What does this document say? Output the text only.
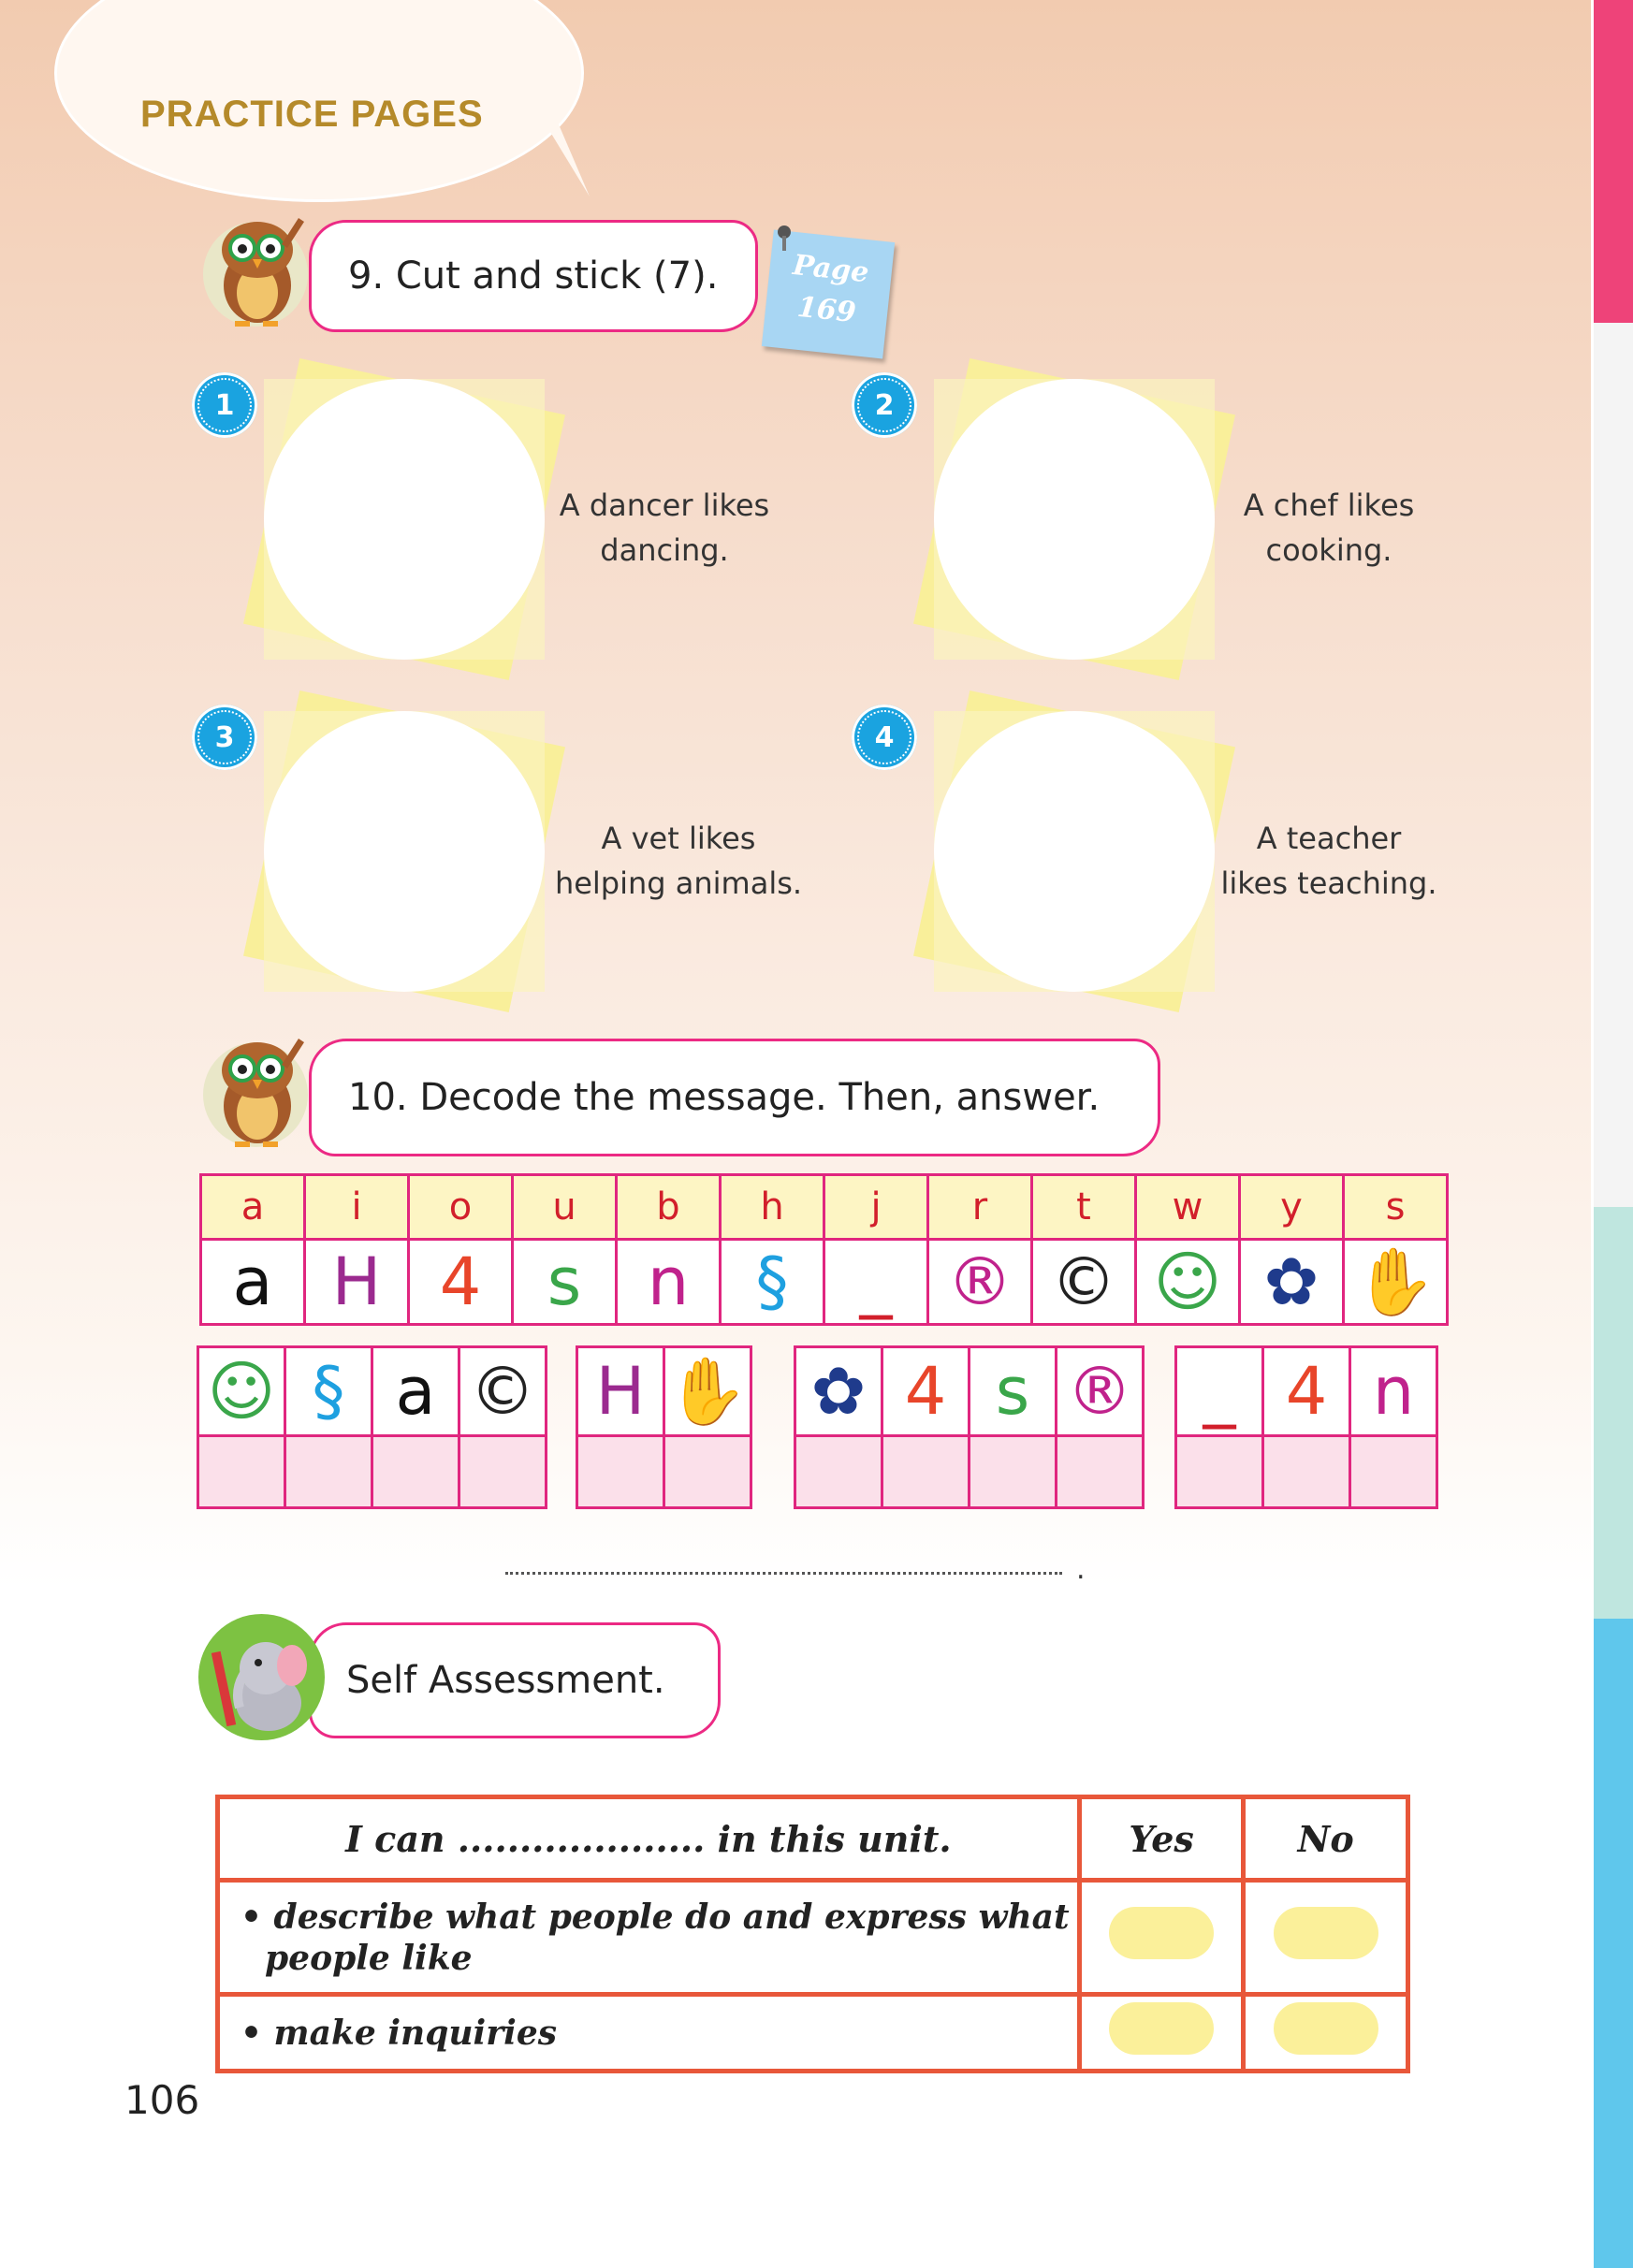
PRACTICE PAGES
9. Cut and stick (7).	Page
169
1
A dancer likes
dancing.
2
A chef likes
cooking.
3
A vet likes
helping animals.
4
A teacher
likes teaching.
10. Decode the message. Then, answer.
a	i	o	u	b	h	j	r	t	w	y	s
a	H	4	s	n	§	_	®	©	☺	✿	✋
☺	§	a	©
			H	✋
	✿	4	s	®
			_	4	n

.
Self Assessment.
I can .................... in this unit.	Yes	No

• describe what people do and express what
people like		

• make inquiries		
106
